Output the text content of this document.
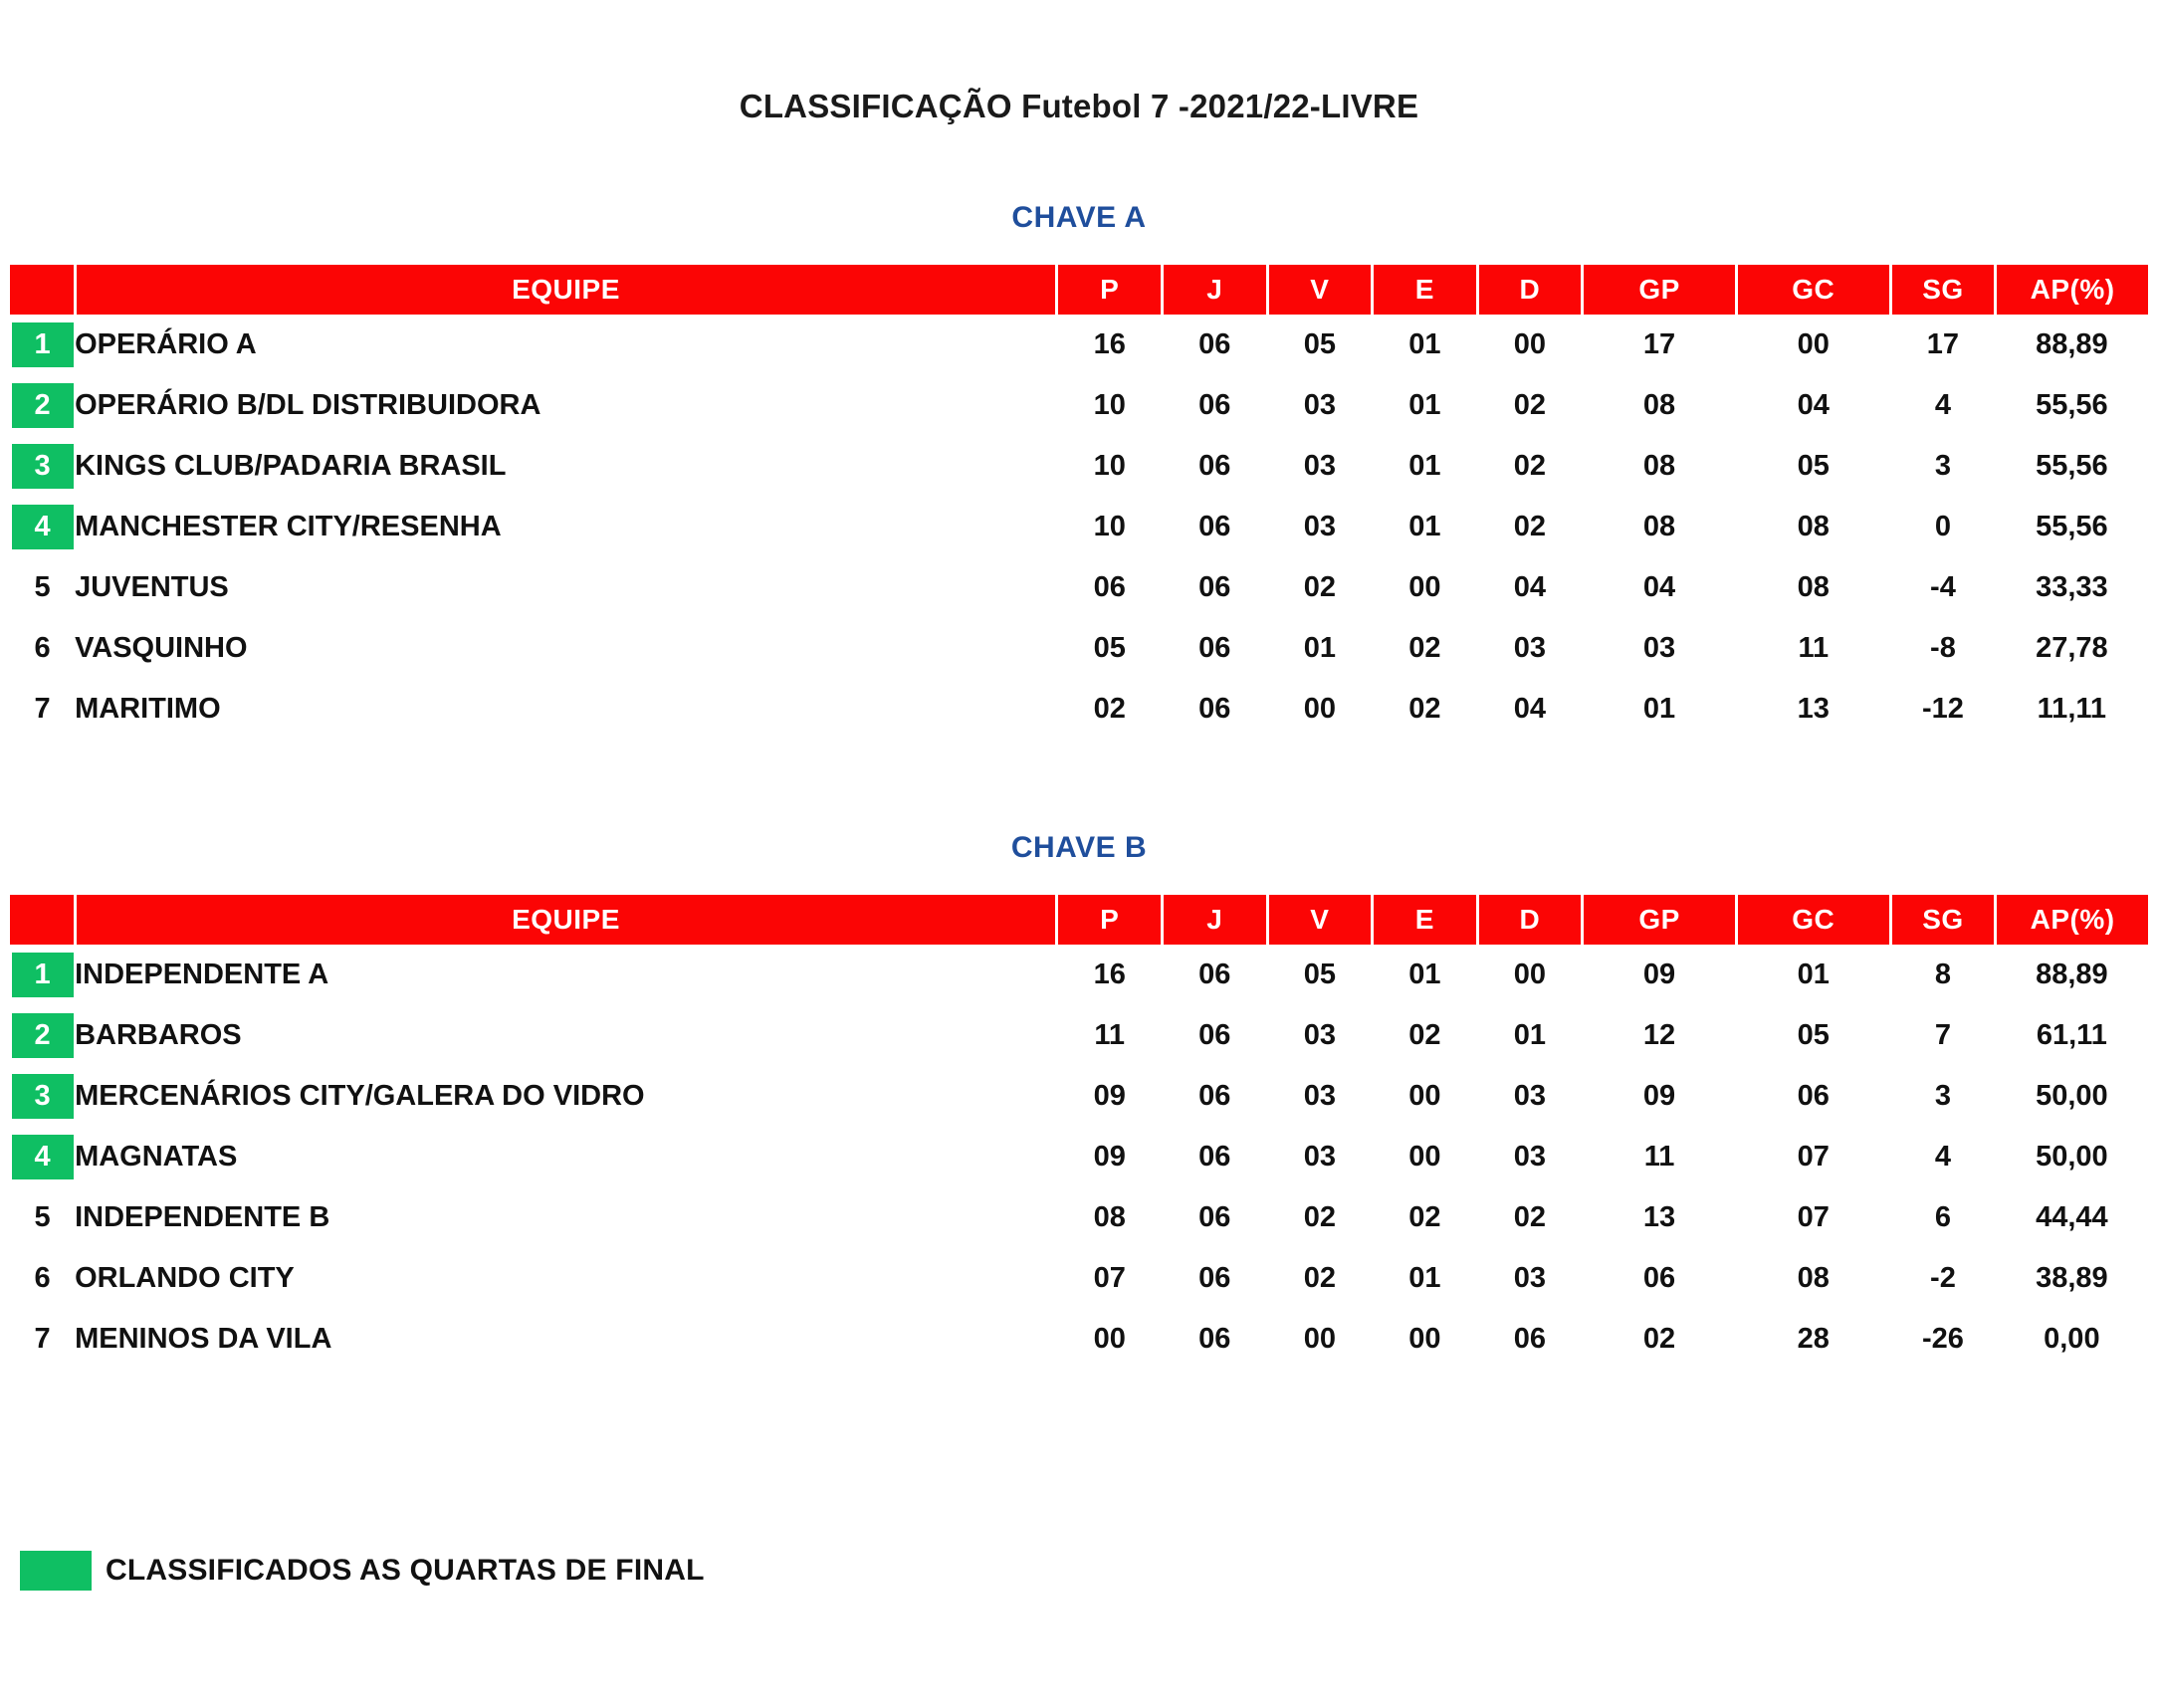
CLASSIFICAÇÃO Futebol 7 -2021/22-LIVRE
CHAVE A
	EQUIPE	P	J	V	E	D	GP	GC	SG	AP(%)

1	OPERÁRIO A	16	06	05	01	00	17	00	17	88,89

2	OPERÁRIO B/DL DISTRIBUIDORA	10	06	03	01	02	08	04	4	55,56

3	KINGS CLUB/PADARIA BRASIL	10	06	03	01	02	08	05	3	55,56

4	MANCHESTER CITY/RESENHA	10	06	03	01	02	08	08	0	55,56

5	JUVENTUS	06	06	02	00	04	04	08	-4	33,33

6	VASQUINHO	05	06	01	02	03	03	11	-8	27,78

7	MARITIMO	02	06	00	02	04	01	13	-12	11,11
CHAVE B
	EQUIPE	P	J	V	E	D	GP	GC	SG	AP(%)

1	INDEPENDENTE A	16	06	05	01	00	09	01	8	88,89

2	BARBAROS	11	06	03	02	01	12	05	7	61,11

3	MERCENÁRIOS CITY/GALERA DO VIDRO	09	06	03	00	03	09	06	3	50,00

4	MAGNATAS	09	06	03	00	03	11	07	4	50,00

5	INDEPENDENTE B	08	06	02	02	02	13	07	6	44,44

6	ORLANDO CITY	07	06	02	01	03	06	08	-2	38,89

7	MENINOS DA VILA	00	06	00	00	06	02	28	-26	0,00
CLASSIFICADOS AS QUARTAS DE FINAL
